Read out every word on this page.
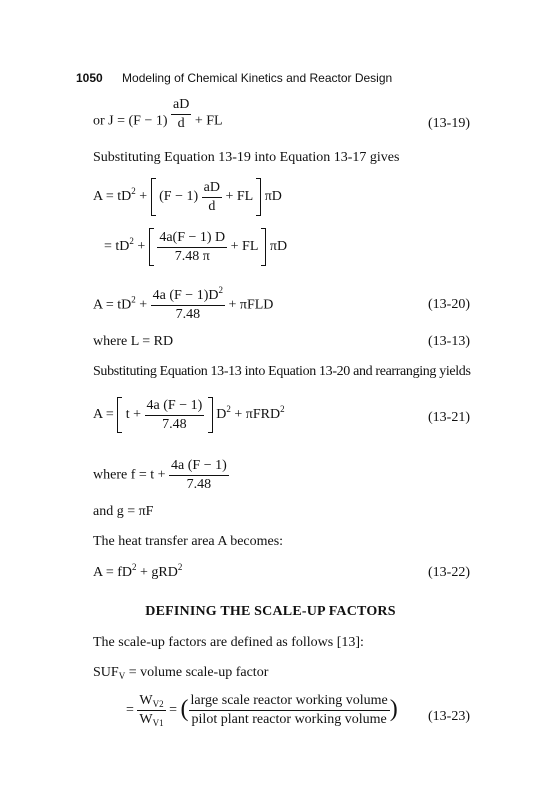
1050 Modeling of Chemical Kinetics and Reactor Design
or $J = (F - 1) \frac{aD}{d}$ + FL	(13-19)
Substituting Equation 13-19 into Equation 13-17 gives
$A = tD^2 + (F - 1) \frac{aD}{d}$ + FL πD
= $tD^2 + \frac{4a(F - 1) D}{7.48 \pi}$ + FL πD
$A = tD^2 + \frac{4a (F - 1)D^2}{7.48} + \pi FLD$	(13-20)
where L = RD	(13-13)
Substituting Equation 13-13 into Equation 13-20 and rearranging yields
$A = t + \frac{4a (F - 1)}{7.48} D^2 + \pi FRD^2$
(13-21)
where $f = t + \frac{4a (F - 1)}{7.48}$
and g = πF
The heat transfer area A becomes:
$A = fD^2 + gRD^2$	(13-22)
DEFINING THE SCALE-UP FACTORS
The scale-up factors are defined as follows [13]:
$SUF_V$ = volume scale-up factor
= $\frac{W_{V2}}{W_{V1}}$ = ( $\frac{\text{large scale reactor working volume}}{\text{pilot plant reactor working volume}}$ ) (13-23)
